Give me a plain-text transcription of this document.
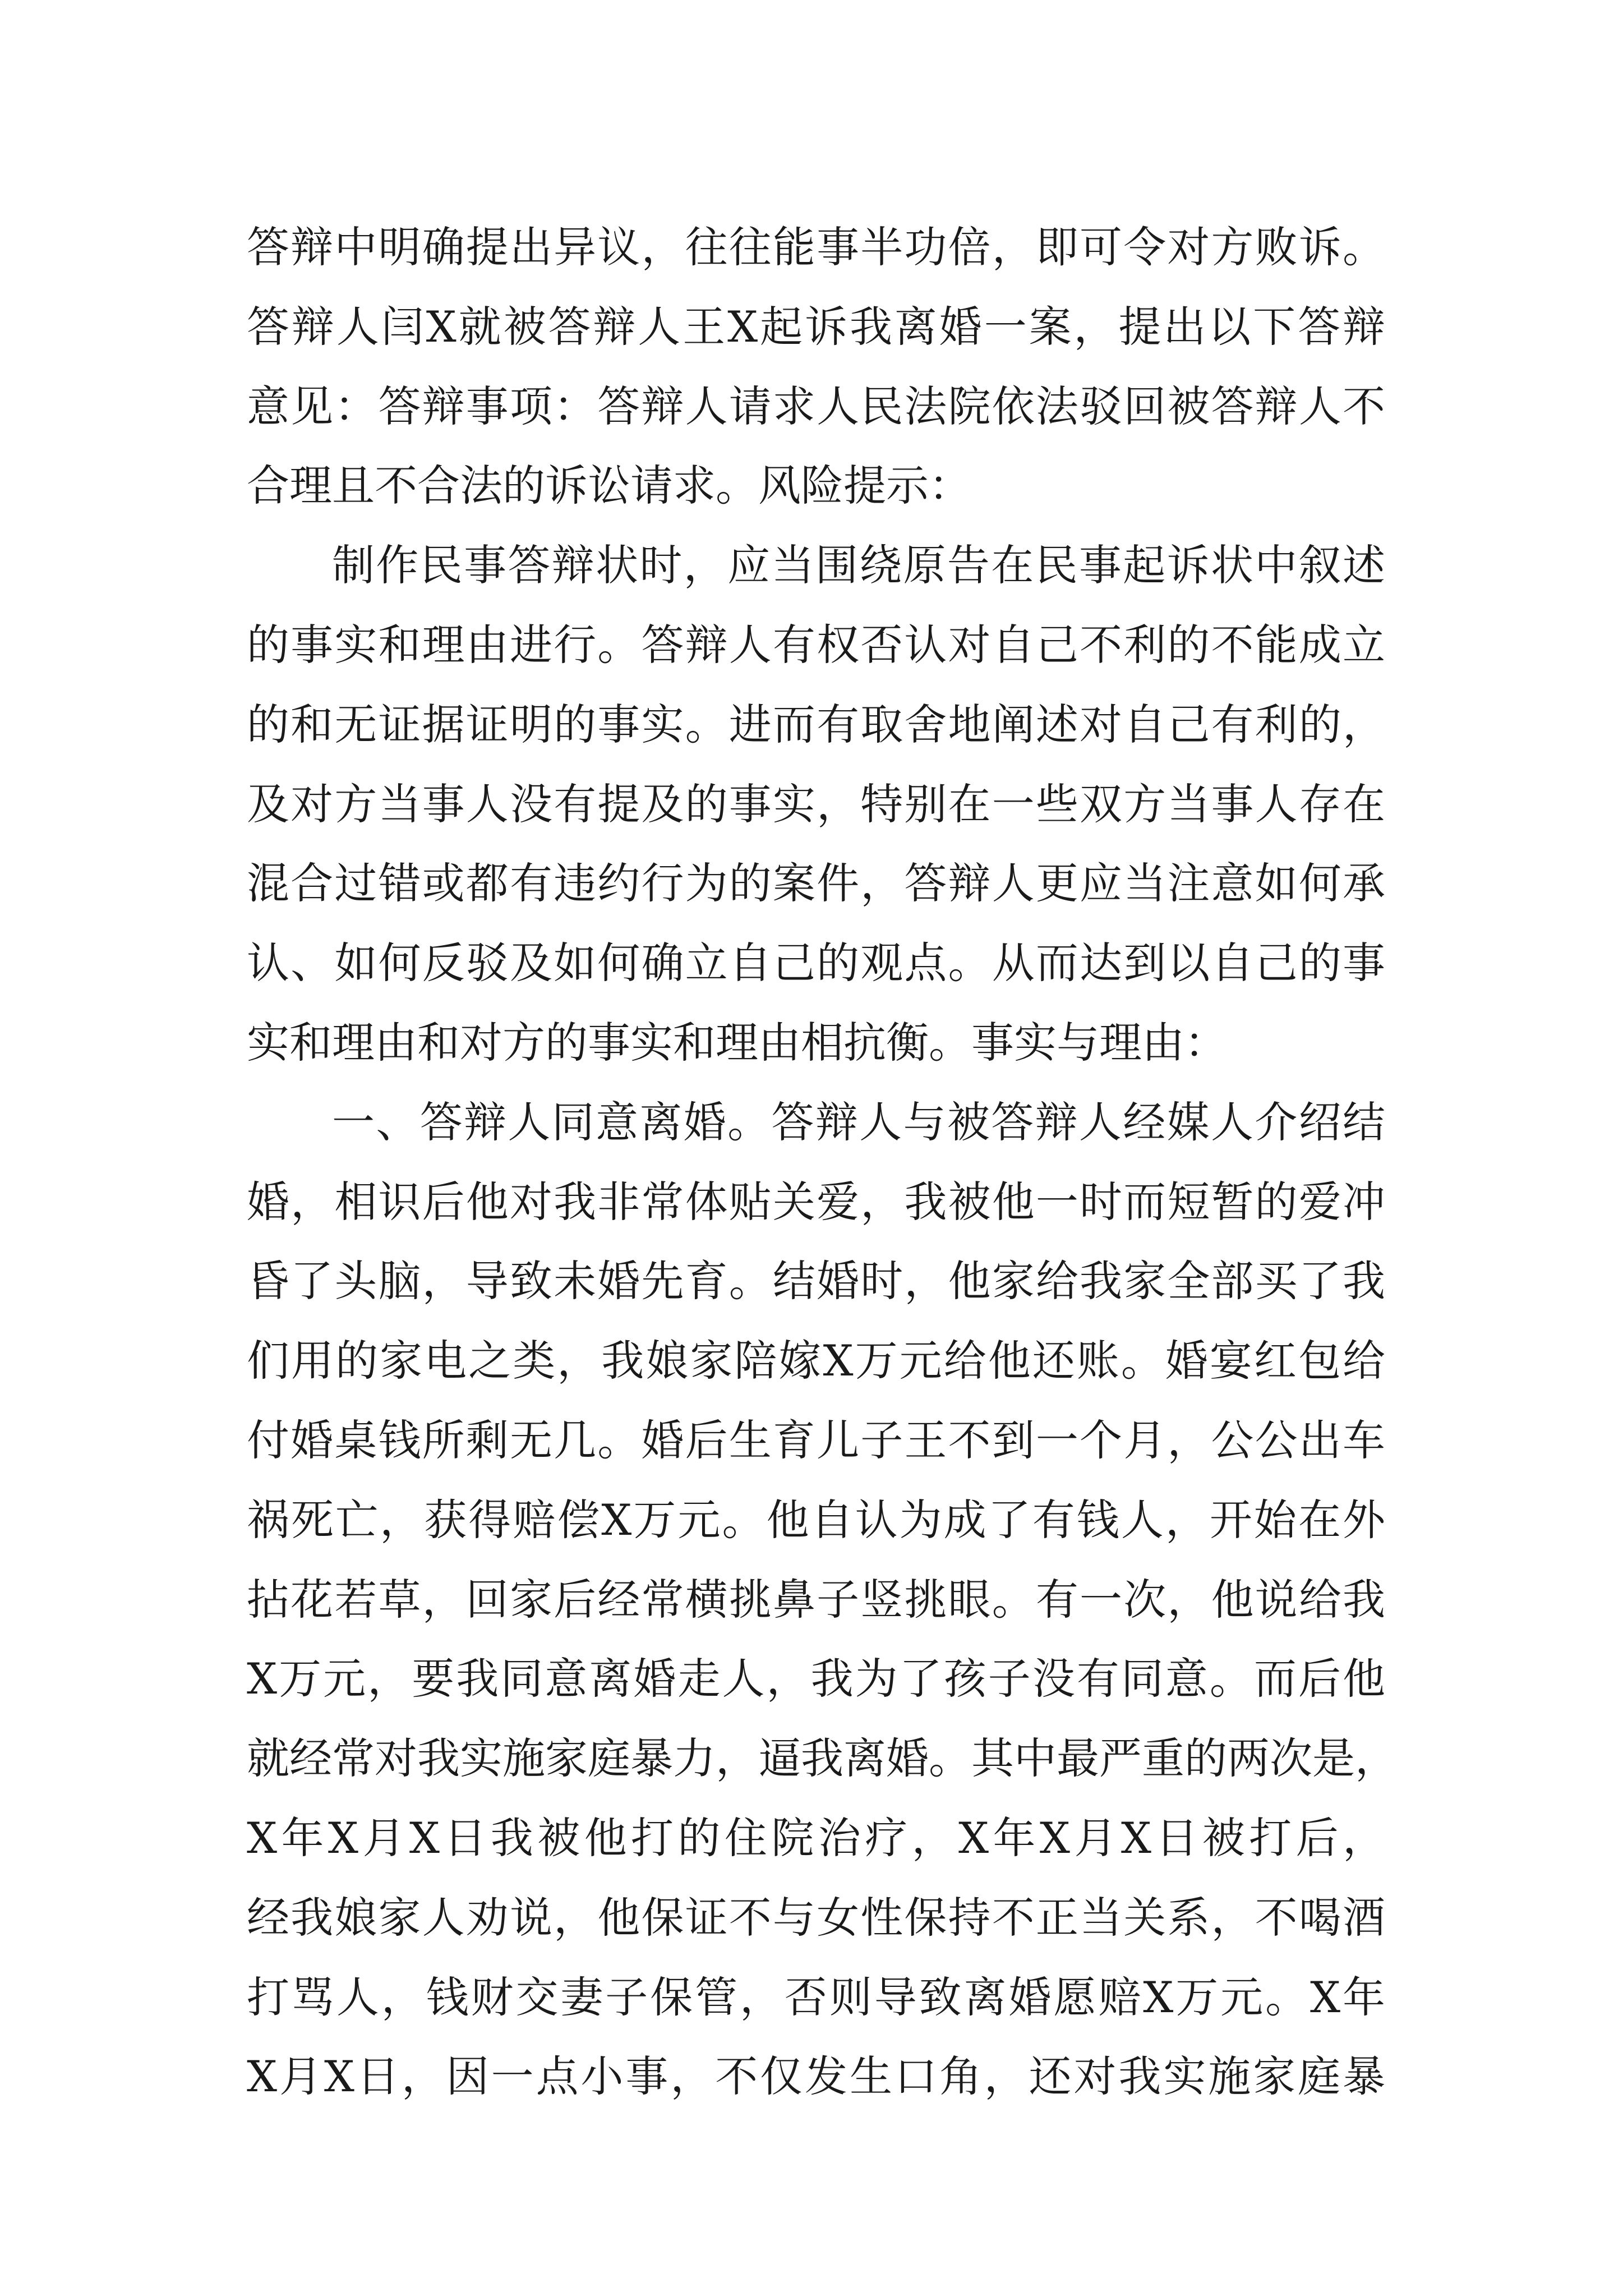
答辩中明确提出异议，往往能事半功倍，即可令对方败诉。
答辩人闫X就被答辩人王X起诉我离婚一案，提出以下答辩
意见：答辩事项：答辩人请求人民法院依法驳回被答辩人不
合理且不合法的诉讼请求。风险提示：
制作民事答辩状时，应当围绕原告在民事起诉状中叙述
的事实和理由进行。答辩人有权否认对自己不利的不能成立
的和无证据证明的事实。进而有取舍地阐述对自己有利的，
及对方当事人没有提及的事实，特别在一些双方当事人存在
混合过错或都有违约行为的案件，答辩人更应当注意如何承
认、如何反驳及如何确立自己的观点。从而达到以自己的事
实和理由和对方的事实和理由相抗衡。事实与理由：
一、答辩人同意离婚。答辩人与被答辩人经媒人介绍结
婚，相识后他对我非常体贴关爱，我被他一时而短暂的爱冲
昏了头脑，导致未婚先育。结婚时，他家给我家全部买了我
们用的家电之类，我娘家陪嫁X万元给他还账。婚宴红包给
付婚桌钱所剩无几。婚后生育儿子王不到一个月，公公出车
祸死亡，获得赔偿X万元。他自认为成了有钱人，开始在外
拈花若草，回家后经常横挑鼻子竖挑眼。有一次，他说给我
X万元，要我同意离婚走人，我为了孩子没有同意。而后他
就经常对我实施家庭暴力，逼我离婚。其中最严重的两次是，
X年X月X日我被他打的住院治疗，X年X月X日被打后，
经我娘家人劝说，他保证不与女性保持不正当关系，不喝酒
打骂人，钱财交妻子保管，否则导致离婚愿赔X万元。X年
X月X日，因一点小事，不仅发生口角，还对我实施家庭暴
